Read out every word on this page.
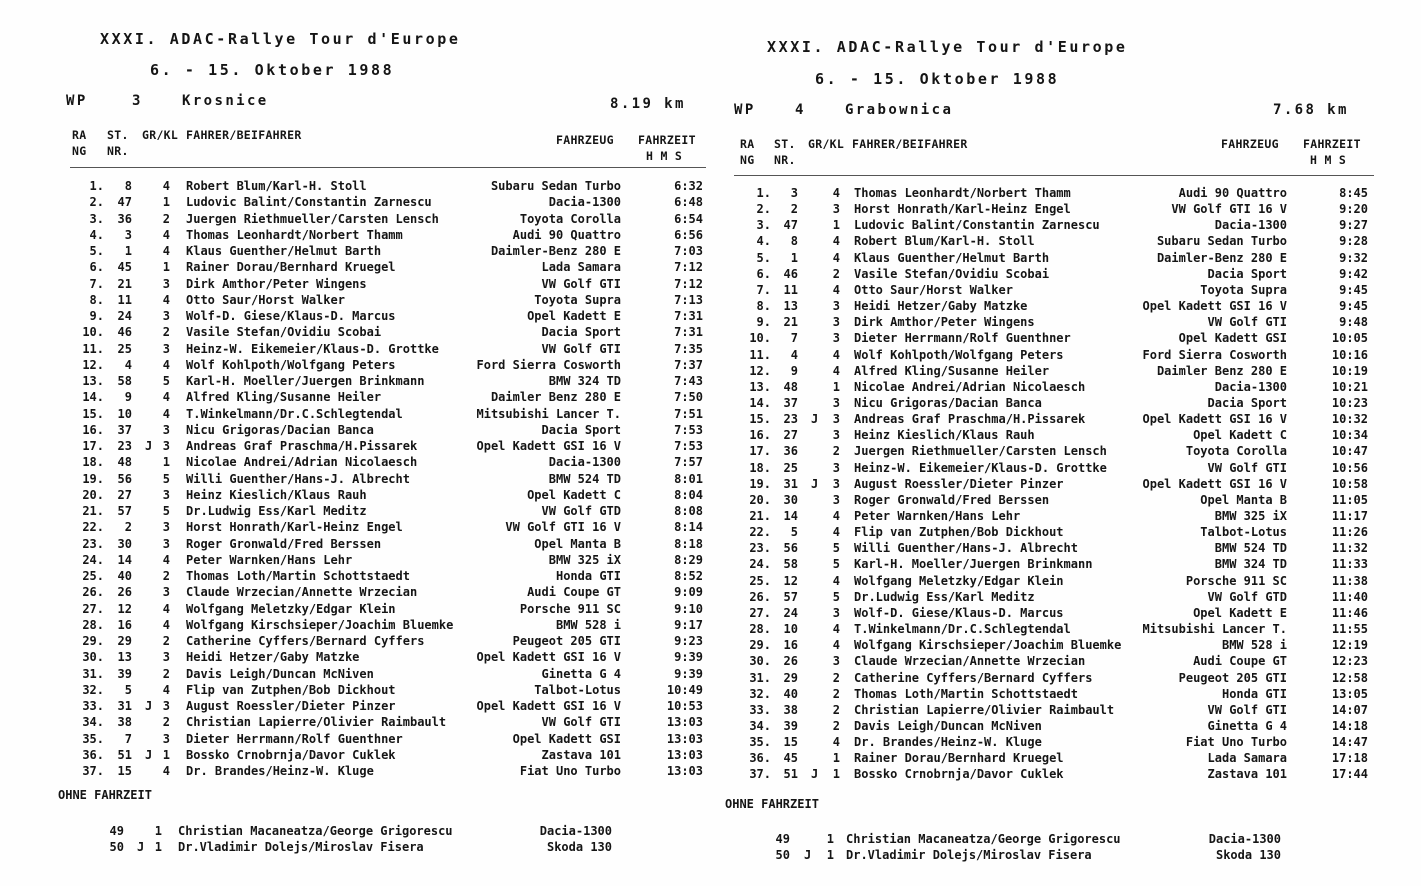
XXXI. ADAC-Rallye Tour d'Europe
6. - 15. Oktober 1988
WP	3	Krosnice	8.19 km
RA
NG
ST.
NR.
GR/KL FAHRER/BEIFAHRER	FAHRZEUG FAHRZEIT
H M S
1. 8	4 Robert Blum/Karl-H. Stoll	Subaru Sedan Turbo	6:32
2. 47	1 Ludovic Balint/Constantin Zarnescu	Dacia-1300	6:48
3. 36	2 Juergen Riethmueller/Carsten Lensch	Toyota Corolla	6:54
4. 3	4 Thomas Leonhardt/Norbert Thamm	Audi 90 Quattro	6:56
5. 1	4 Klaus Guenther/Helmut Barth	Daimler-Benz 280 E	7:03
6. 45	1 Rainer Dorau/Bernhard Kruegel	Lada Samara	7:12
7. 21	3 Dirk Amthor/Peter Wingens	VW Golf GTI	7:12
8. 11	4 Otto Saur/Horst Walker	Toyota Supra	7:13
9. 24	3 Wolf-D. Giese/Klaus-D. Marcus	Opel Kadett E	7:31
10. 46	2 Vasile Stefan/Ovidiu Scobai	Dacia Sport	7:31
11. 25	3 Heinz-W. Eikemeier/Klaus-D. Grottke	VW Golf GTI	7:35
12. 4	4 Wolf Kohlpoth/Wolfgang Peters	Ford Sierra Cosworth	7:37
13. 58	5 Karl-H. Moeller/Juergen Brinkmann	BMW 324 TD	7:43
14. 9	4 Alfred Kling/Susanne Heiler	Daimler Benz 280 E	7:50
15. 10	4 T.Winkelmann/Dr.C.Schlegtendal	Mitsubishi Lancer T.	7:51
16. 37	3 Nicu Grigoras/Dacian Banca	Dacia Sport	7:53
17. 23 J 3 Andreas Graf Praschma/H.Pissarek	Opel Kadett GSI 16 V	7:53
18. 48	1 Nicolae Andrei/Adrian Nicolaesch	Dacia-1300	7:57
19. 56	5 Willi Guenther/Hans-J. Albrecht	BMW 524 TD	8:01
20. 27	3 Heinz Kieslich/Klaus Rauh	Opel Kadett C	8:04
21. 57	5 Dr.Ludwig Ess/Karl Meditz	VW Golf GTD	8:08
22. 2	3 Horst Honrath/Karl-Heinz Engel	VW Golf GTI 16 V	8:14
23. 30	3 Roger Gronwald/Fred Berssen	Opel Manta B	8:18
24. 14	4 Peter Warnken/Hans Lehr	BMW 325 iX	8:29
25. 40	2 Thomas Loth/Martin Schottstaedt	Honda GTI	8:52
26. 26	3 Claude Wrzecian/Annette Wrzecian	Audi Coupe GT	9:09
27. 12	4 Wolfgang Meletzky/Edgar Klein	Porsche 911 SC	9:10
28. 16	4 Wolfgang Kirschsieper/Joachim Bluemke	BMW 528 i	9:17
29. 29	2 Catherine Cyffers/Bernard Cyffers	Peugeot 205 GTI	9:23
30. 13	3 Heidi Hetzer/Gaby Matzke	Opel Kadett GSI 16 V	9:39
31. 39	2 Davis Leigh/Duncan McNiven	Ginetta G 4	9:39
32. 5	4 Flip van Zutphen/Bob Dickhout	Talbot-Lotus	10:49
33. 31 J 3 August Roessler/Dieter Pinzer	Opel Kadett GSI 16 V	10:53
34. 38	2 Christian Lapierre/Olivier Raimbault	VW Golf GTI	13:03
35. 7	3 Dieter Herrmann/Rolf Guenthner	Opel Kadett GSI	13:03
36. 51 J 1 Bossko Crnobrnja/Davor Cuklek	Zastava 101	13:03
37. 15	4 Dr. Brandes/Heinz-W. Kluge	Fiat Uno Turbo	13:03
OHNE FAHRZEIT
49	1 Christian Macaneatza/George Grigorescu	Dacia-1300
50 J 1 Dr.Vladimir Dolejs/Miroslav Fisera	Skoda 130
XXXI. ADAC-Rallye Tour d'Europe
6. - 15. Oktober 1988
WP	4	Grabownica	7.68 km
RA
NG
ST.
NR.
GR/KL FAHRER/BEIFAHRER	FAHRZEUG FAHRZEIT
H M S
1. 3	4 Thomas Leonhardt/Norbert Thamm	Audi 90 Quattro	8:45
2. 2	3 Horst Honrath/Karl-Heinz Engel	VW Golf GTI 16 V	9:20
3. 47	1 Ludovic Balint/Constantin Zarnescu	Dacia-1300	9:27
4. 8	4 Robert Blum/Karl-H. Stoll	Subaru Sedan Turbo	9:28
5. 1	4 Klaus Guenther/Helmut Barth	Daimler-Benz 280 E	9:32
6. 46	2 Vasile Stefan/Ovidiu Scobai	Dacia Sport	9:42
7. 11	4 Otto Saur/Horst Walker	Toyota Supra	9:45
8. 13	3 Heidi Hetzer/Gaby Matzke	Opel Kadett GSI 16 V	9:45
9. 21	3 Dirk Amthor/Peter Wingens	VW Golf GTI	9:48
10. 7	3 Dieter Herrmann/Rolf Guenthner	Opel Kadett GSI	10:05
11. 4	4 Wolf Kohlpoth/Wolfgang Peters	Ford Sierra Cosworth	10:16
12. 9	4 Alfred Kling/Susanne Heiler	Daimler Benz 280 E	10:19
13. 48	1 Nicolae Andrei/Adrian Nicolaesch	Dacia-1300	10:21
14. 37	3 Nicu Grigoras/Dacian Banca	Dacia Sport	10:23
15. 23 J 3 Andreas Graf Praschma/H.Pissarek	Opel Kadett GSI 16 V	10:32
16. 27	3 Heinz Kieslich/Klaus Rauh	Opel Kadett C	10:34
17. 36	2 Juergen Riethmueller/Carsten Lensch	Toyota Corolla	10:47
18. 25	3 Heinz-W. Eikemeier/Klaus-D. Grottke	VW Golf GTI	10:56
19. 31 J 3 August Roessler/Dieter Pinzer	Opel Kadett GSI 16 V	10:58
20. 30	3 Roger Gronwald/Fred Berssen	Opel Manta B	11:05
21. 14	4 Peter Warnken/Hans Lehr	BMW 325 iX	11:17
22. 5	4 Flip van Zutphen/Bob Dickhout	Talbot-Lotus	11:26
23. 56	5 Willi Guenther/Hans-J. Albrecht	BMW 524 TD	11:32
24. 58	5 Karl-H. Moeller/Juergen Brinkmann	BMW 324 TD	11:33
25. 12	4 Wolfgang Meletzky/Edgar Klein	Porsche 911 SC	11:38
26. 57	5 Dr.Ludwig Ess/Karl Meditz	VW Golf GTD	11:40
27. 24	3 Wolf-D. Giese/Klaus-D. Marcus	Opel Kadett E	11:46
28. 10	4 T.Winkelmann/Dr.C.Schlegtendal	Mitsubishi Lancer T.	11:55
29. 16	4 Wolfgang Kirschsieper/Joachim Bluemke	BMW 528 i	12:19
30. 26	3 Claude Wrzecian/Annette Wrzecian	Audi Coupe GT	12:23
31. 29	2 Catherine Cyffers/Bernard Cyffers	Peugeot 205 GTI	12:58
32. 40	2 Thomas Loth/Martin Schottstaedt	Honda GTI	13:05
33. 38	2 Christian Lapierre/Olivier Raimbault	VW Golf GTI	14:07
34. 39	2 Davis Leigh/Duncan McNiven	Ginetta G 4	14:18
35. 15	4 Dr. Brandes/Heinz-W. Kluge	Fiat Uno Turbo	14:47
36. 45	1 Rainer Dorau/Bernhard Kruegel	Lada Samara	17:18
37. 51 J 1 Bossko Crnobrnja/Davor Cuklek	Zastava 101	17:44
OHNE FAHRZEIT
49	1 Christian Macaneatza/George Grigorescu	Dacia-1300
50 J 1 Dr.Vladimir Dolejs/Miroslav Fisera	Skoda 130
